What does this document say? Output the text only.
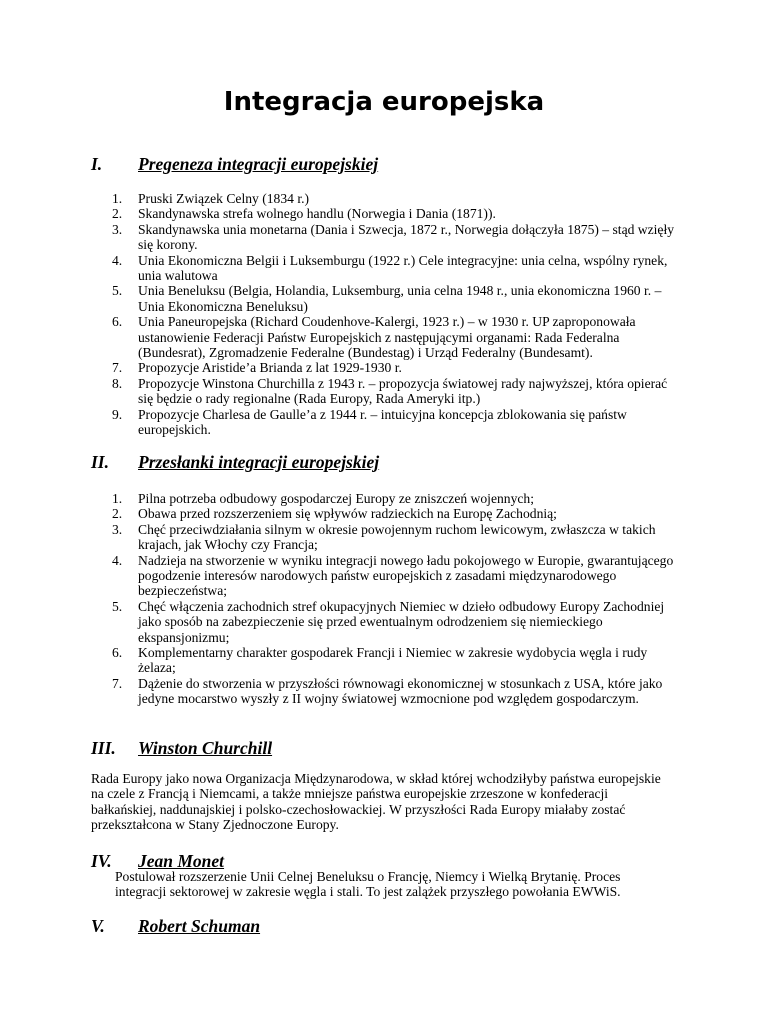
Integracja europejska
I. Pregeneza integracji europejskiej
1.	Pruski Związek Celny (1834 r.)
2.	Skandynawska strefa wolnego handlu (Norwegia i Dania (1871)).
3.	Skandynawska unia monetarna (Dania i Szwecja, 1872 r., Norwegia dołączyła 1875) – stąd wzięły się korony.
4.	Unia Ekonomiczna Belgii i Luksemburgu (1922 r.) Cele integracyjne: unia celna, wspólny rynek, unia walutowa
5.	Unia Beneluksu (Belgia, Holandia, Luksemburg, unia celna 1948 r., unia ekonomiczna 1960 r. – Unia Ekonomiczna Beneluksu)
6.	Unia Paneuropejska (Richard Coudenhove-Kalergi, 1923 r.) – w 1930 r. UP zaproponowała ustanowienie Federacji Państw Europejskich z następującymi organami: Rada Federalna (Bundesrat), Zgromadzenie Federalne (Bundestag) i Urząd Federalny (Bundesamt).
7.	Propozycje Aristide’a Brianda z lat 1929-1930 r.
8.	Propozycje Winstona Churchilla z 1943 r. – propozycja światowej rady najwyższej, która opierać się będzie o rady regionalne (Rada Europy, Rada Ameryki itp.)
9.	Propozycje Charlesa de Gaulle’a z 1944 r. – intuicyjna koncepcja zblokowania się państw europejskich.
II. Przesłanki integracji europejskiej
1.	Pilna potrzeba odbudowy gospodarczej Europy ze zniszczeń wojennych;
2.	Obawa przed rozszerzeniem się wpływów radzieckich na Europę Zachodnią;
3.	Chęć przeciwdziałania silnym w okresie powojennym ruchom lewicowym, zwłaszcza w takich krajach, jak Włochy czy Francja;
4.	Nadzieja na stworzenie w wyniku integracji nowego ładu pokojowego w Europie, gwarantującego pogodzenie interesów narodowych państw europejskich z zasadami międzynarodowego bezpieczeństwa;
5.	Chęć włączenia zachodnich stref okupacyjnych Niemiec w dzieło odbudowy Europy Zachodniej jako sposób na zabezpieczenie się przed ewentualnym odrodzeniem się niemieckiego ekspansjonizmu;
6.	Komplementarny charakter gospodarek Francji i Niemiec w zakresie wydobycia węgla i rudy żelaza;
7.	Dążenie do stworzenia w przyszłości równowagi ekonomicznej w stosunkach z USA, które jako jedyne mocarstwo wyszły z II wojny światowej wzmocnione pod względem gospodarczym.
III. Winston Churchill

Rada Europy jako nowa Organizacja Międzynarodowa, w skład której wchodziłyby państwa europejskie na czele z Francją i Niemcami, a także mniejsze państwa europejskie zrzeszone w konfederacji bałkańskiej, naddunajskiej i polsko-czechosłowackiej. W przyszłości Rada Europy miałaby zostać przekształcona w Stany Zjednoczone Europy.

IV. Jean Monet

Postulował rozszerzenie Unii Celnej Beneluksu o Francję, Niemcy i Wielką Brytanię. Proces integracji sektorowej w zakresie węgla i stali. To jest zalążek przyszłego powołania EWWiS.

V. Robert Schuman
